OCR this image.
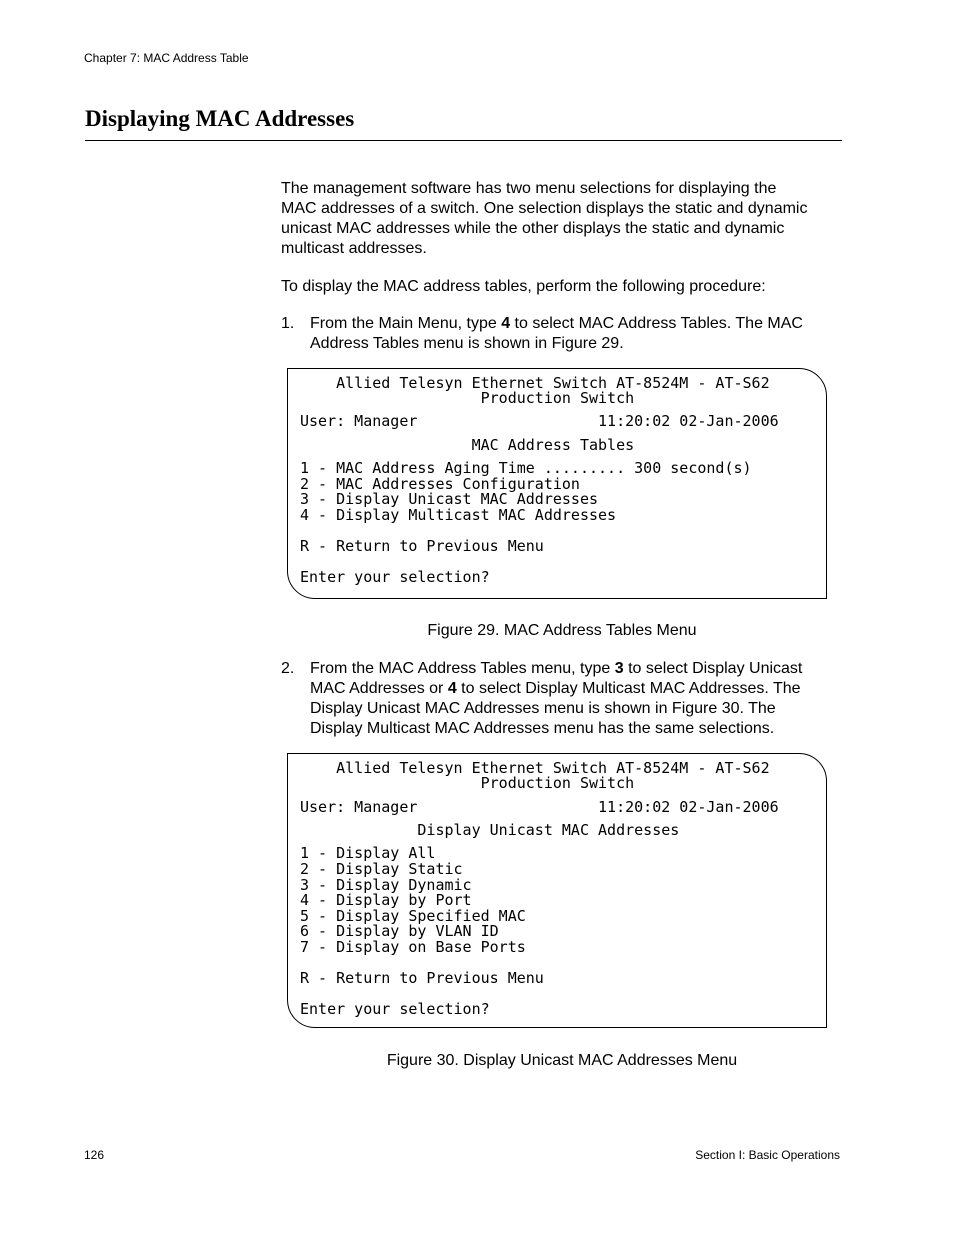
Chapter 7: MAC Address Table
Displaying MAC Addresses
The management software has two menu selections for displaying the
MAC addresses of a switch. One selection displays the static and dynamic
unicast MAC addresses while the other displays the static and dynamic
multicast addresses.
To display the MAC address tables, perform the following procedure:
1. From the Main Menu, type 4 to select MAC Address Tables. The MAC
Address Tables menu is shown in Figure 29.
Allied Telesyn Ethernet Switch AT-8524M - AT-S62
Production Switch
User: Manager                    11:20:02 02-Jan-2006
MAC Address Tables
1 - MAC Address Aging Time ......... 300 second(s)
2 - MAC Addresses Configuration
3 - Display Unicast MAC Addresses
4 - Display Multicast MAC Addresses
R - Return to Previous Menu
Enter your selection?
Figure 29. MAC Address Tables Menu
2. From the MAC Address Tables menu, type 3 to select Display Unicast
MAC Addresses or 4 to select Display Multicast MAC Addresses. The
Display Unicast MAC Addresses menu is shown in Figure 30. The
Display Multicast MAC Addresses menu has the same selections.
Allied Telesyn Ethernet Switch AT-8524M - AT-S62
Production Switch
User: Manager                    11:20:02 02-Jan-2006
Display Unicast MAC Addresses
1 - Display All
2 - Display Static
3 - Display Dynamic
4 - Display by Port
5 - Display Specified MAC
6 - Display by VLAN ID
7 - Display on Base Ports
R - Return to Previous Menu
Enter your selection?
Figure 30. Display Unicast MAC Addresses Menu
126	Section I: Basic Operations
